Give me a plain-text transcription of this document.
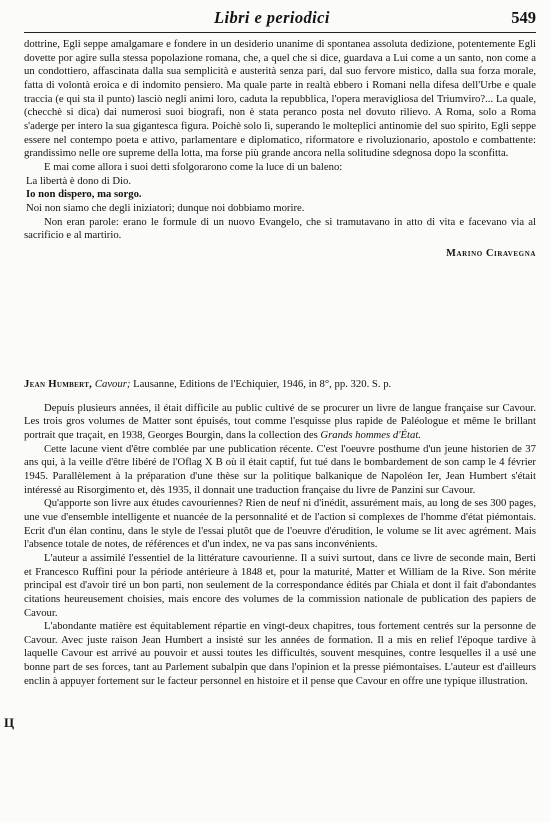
Libri e periodici	549

dottrine, Egli seppe amalgamare e fondere in un desiderio unanime di spontanea assoluta dedizione, potentemente Egli dovette por agire sulla stessa popolazione romana, che, a quel che si dice, guardava a Lui come a un santo, non come a un condottiero, affascinata dalla sua semplicità e austerità senza pari, dal suo fervore mistico, dalla sua forza morale, fatta di volontà eroica e di indomito pensiero. Ma quale parte in realtà ebbero i Romani nella difesa dell'Urbe e quale traccia (e qui sta il punto) lasciò negli animi loro, caduta la repubblica, l'opera meravigliosa del Triumviro?... La quale, (checchè si dica) dai numerosi suoi biografi, non è stata peranco posta nel dovuto rilievo. A Roma, solo a Roma s'aderge per intero la sua gigantesca figura. Poichè solo lì, superando le molteplici antinomie del suo spirito, Egli seppe essere nel contempo poeta e attivo, parlamentare e diplomatico, riformatore e rivoluzionario, apostolo e combattente: grandissimo nelle ore supreme della lotta, ma forse più grande ancora nella solitudine sdegnosa dopo la sconfitta.

E mai come allora i suoi detti sfolgorarono come la luce di un baleno:

La libertà è dono di Dio.
Io non dispero, ma sorgo.
Noi non siamo che degli iniziatori; dunque noi dobbiamo morire.

Non eran parole: erano le formule di un nuovo Evangelo, che si tramutavano in atto di vita e facevano via al sacrificio e al martirio.

Marino Ciravegna
Jean Humbert, Cavour; Lausanne, Editions de l'Echiquier, 1946, in 8°, pp. 320. S. p.

Depuis plusieurs années, il était difficile au public cultivé de se procurer un livre de langue française sur Cavour. Les trois gros volumes de Matter sont épuisés, tout comme l'esquisse plus rapide de Paléologue et même le brillant portrait que traçait, en 1938, Georges Bourgin, dans la collection des Grands hommes d'État.

Cette lacune vient d'être comblée par une publication récente. C'est l'oeuvre posthume d'un jeune historien de 37 ans qui, à la veille d'être libéré de l'Oflag X B où il était captif, fut tué dans le bombardement de son camp le 4 février 1945. Parallèlement à la préparation d'une thèse sur la politique balkanique de Napoléon Ier, Jean Humbert s'était intéressé au Risorgimento et, dès 1935, il donnait une traduction française du livre de Panzini sur Cavour.

Qu'apporte son livre aux études cavouriennes? Rien de neuf ni d'inédit, assurément mais, au long de ses 300 pages, une vue d'ensemble intelligente et nuancée de la personnalité et de l'action si complexes de l'homme d'état piémontais. Ecrit d'un élan continu, dans le style de l'essai plutôt que de l'oeuvre d'érudition, le volume se lit avec agrément. Mais l'absence totale de notes, de références et d'un index, ne va pas sans inconvénients.

L'auteur a assimilé l'essentiel de la littérature cavourienne. Il a suivi surtout, dans ce livre de seconde main, Berti et Francesco Ruffini pour la période antérieure à 1848 et, pour la maturité, Matter et William de la Rive. Son mérite principal est d'avoir tiré un bon parti, non seulement de la correspondance édités par Chiala et dont il fait d'abondantes citations heureusement choisies, mais encore des volumes de la commission nationale de publication des papiers de Cavour.

L'abondante matière est équitablement répartie en vingt-deux chapitres, tous fortement centrés sur la personne de Cavour. Avec juste raison Jean Humbert a insisté sur les années de formation. Il a mis en relief l'époque tardive à laquelle Cavour est arrivé au pouvoir et aussi toutes les difficultés, souvent mesquines, contre lesquelles il a usé une bonne part de ses forces, tant au Parlement subalpin que dans l'opinion et la presse piémontaises. L'auteur est d'ailleurs enclin à appuyer fortement sur le facteur personnel en histoire et il pense que Cavour en offre une typique illustration.

Ц
